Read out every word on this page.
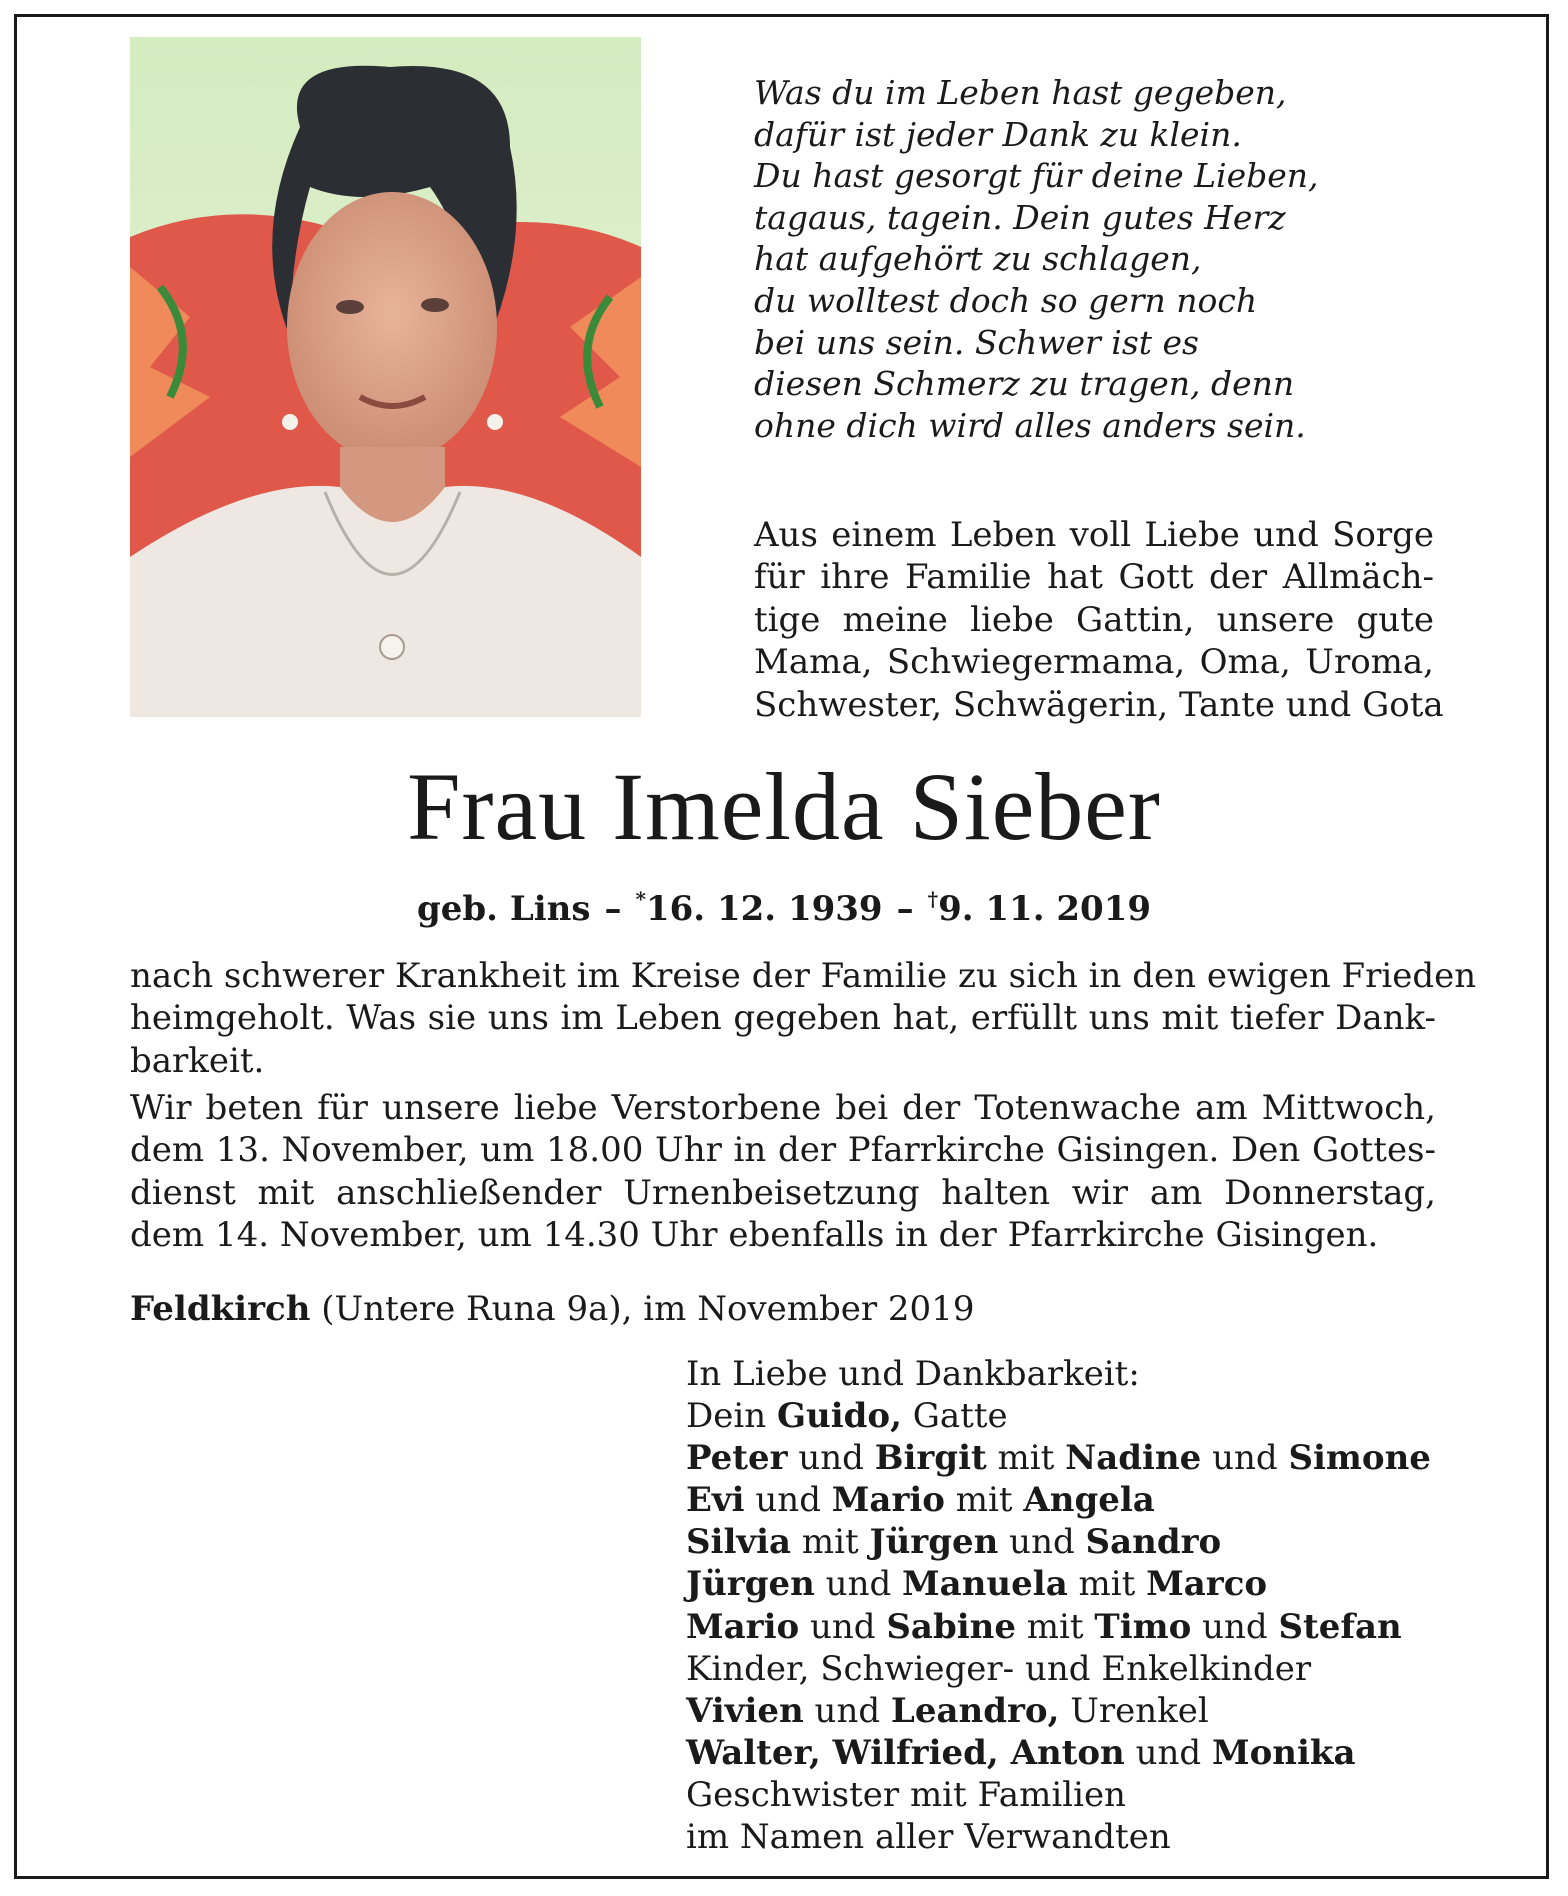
Was du im Leben hast gegeben,
dafür ist jeder Dank zu klein.
Du hast gesorgt für deine Lieben,
tagaus, tagein. Dein gutes Herz
hat aufgehört zu schlagen,
du wolltest doch so gern noch
bei uns sein. Schwer ist es
diesen Schmerz zu tragen, denn
ohne dich wird alles anders sein.
Aus einem Leben voll Liebe und Sorge
für ihre Familie hat Gott der Allmäch-
tige meine liebe Gattin, unsere gute
Mama, Schwiegermama, Oma, Uroma,
Schwester, Schwägerin, Tante und Gota
Frau Imelda Sieber
geb. Lins – *16. 12. 1939 – †9. 11. 2019
nach schwerer Krankheit im Kreise der Familie zu sich in den ewigen Frieden
heimgeholt. Was sie uns im Leben gegeben hat, erfüllt uns mit tiefer Dank-
barkeit.
Wir beten für unsere liebe Verstorbene bei der Totenwache am Mittwoch,
dem 13. November, um 18.00 Uhr in der Pfarrkirche Gisingen. Den Gottes-
dienst mit anschließender Urnenbeisetzung halten wir am Donnerstag,
dem 14. November, um 14.30 Uhr ebenfalls in der Pfarrkirche Gisingen.
Feldkirch (Untere Runa 9a), im November 2019
In Liebe und Dankbarkeit:
Dein Guido, Gatte
Peter und Birgit mit Nadine und Simone
Evi und Mario mit Angela
Silvia mit Jürgen und Sandro
Jürgen und Manuela mit Marco
Mario und Sabine mit Timo und Stefan
Kinder, Schwieger- und Enkelkinder
Vivien und Leandro, Urenkel
Walter, Wilfried, Anton und Monika
Geschwister mit Familien
im Namen aller Verwandten
